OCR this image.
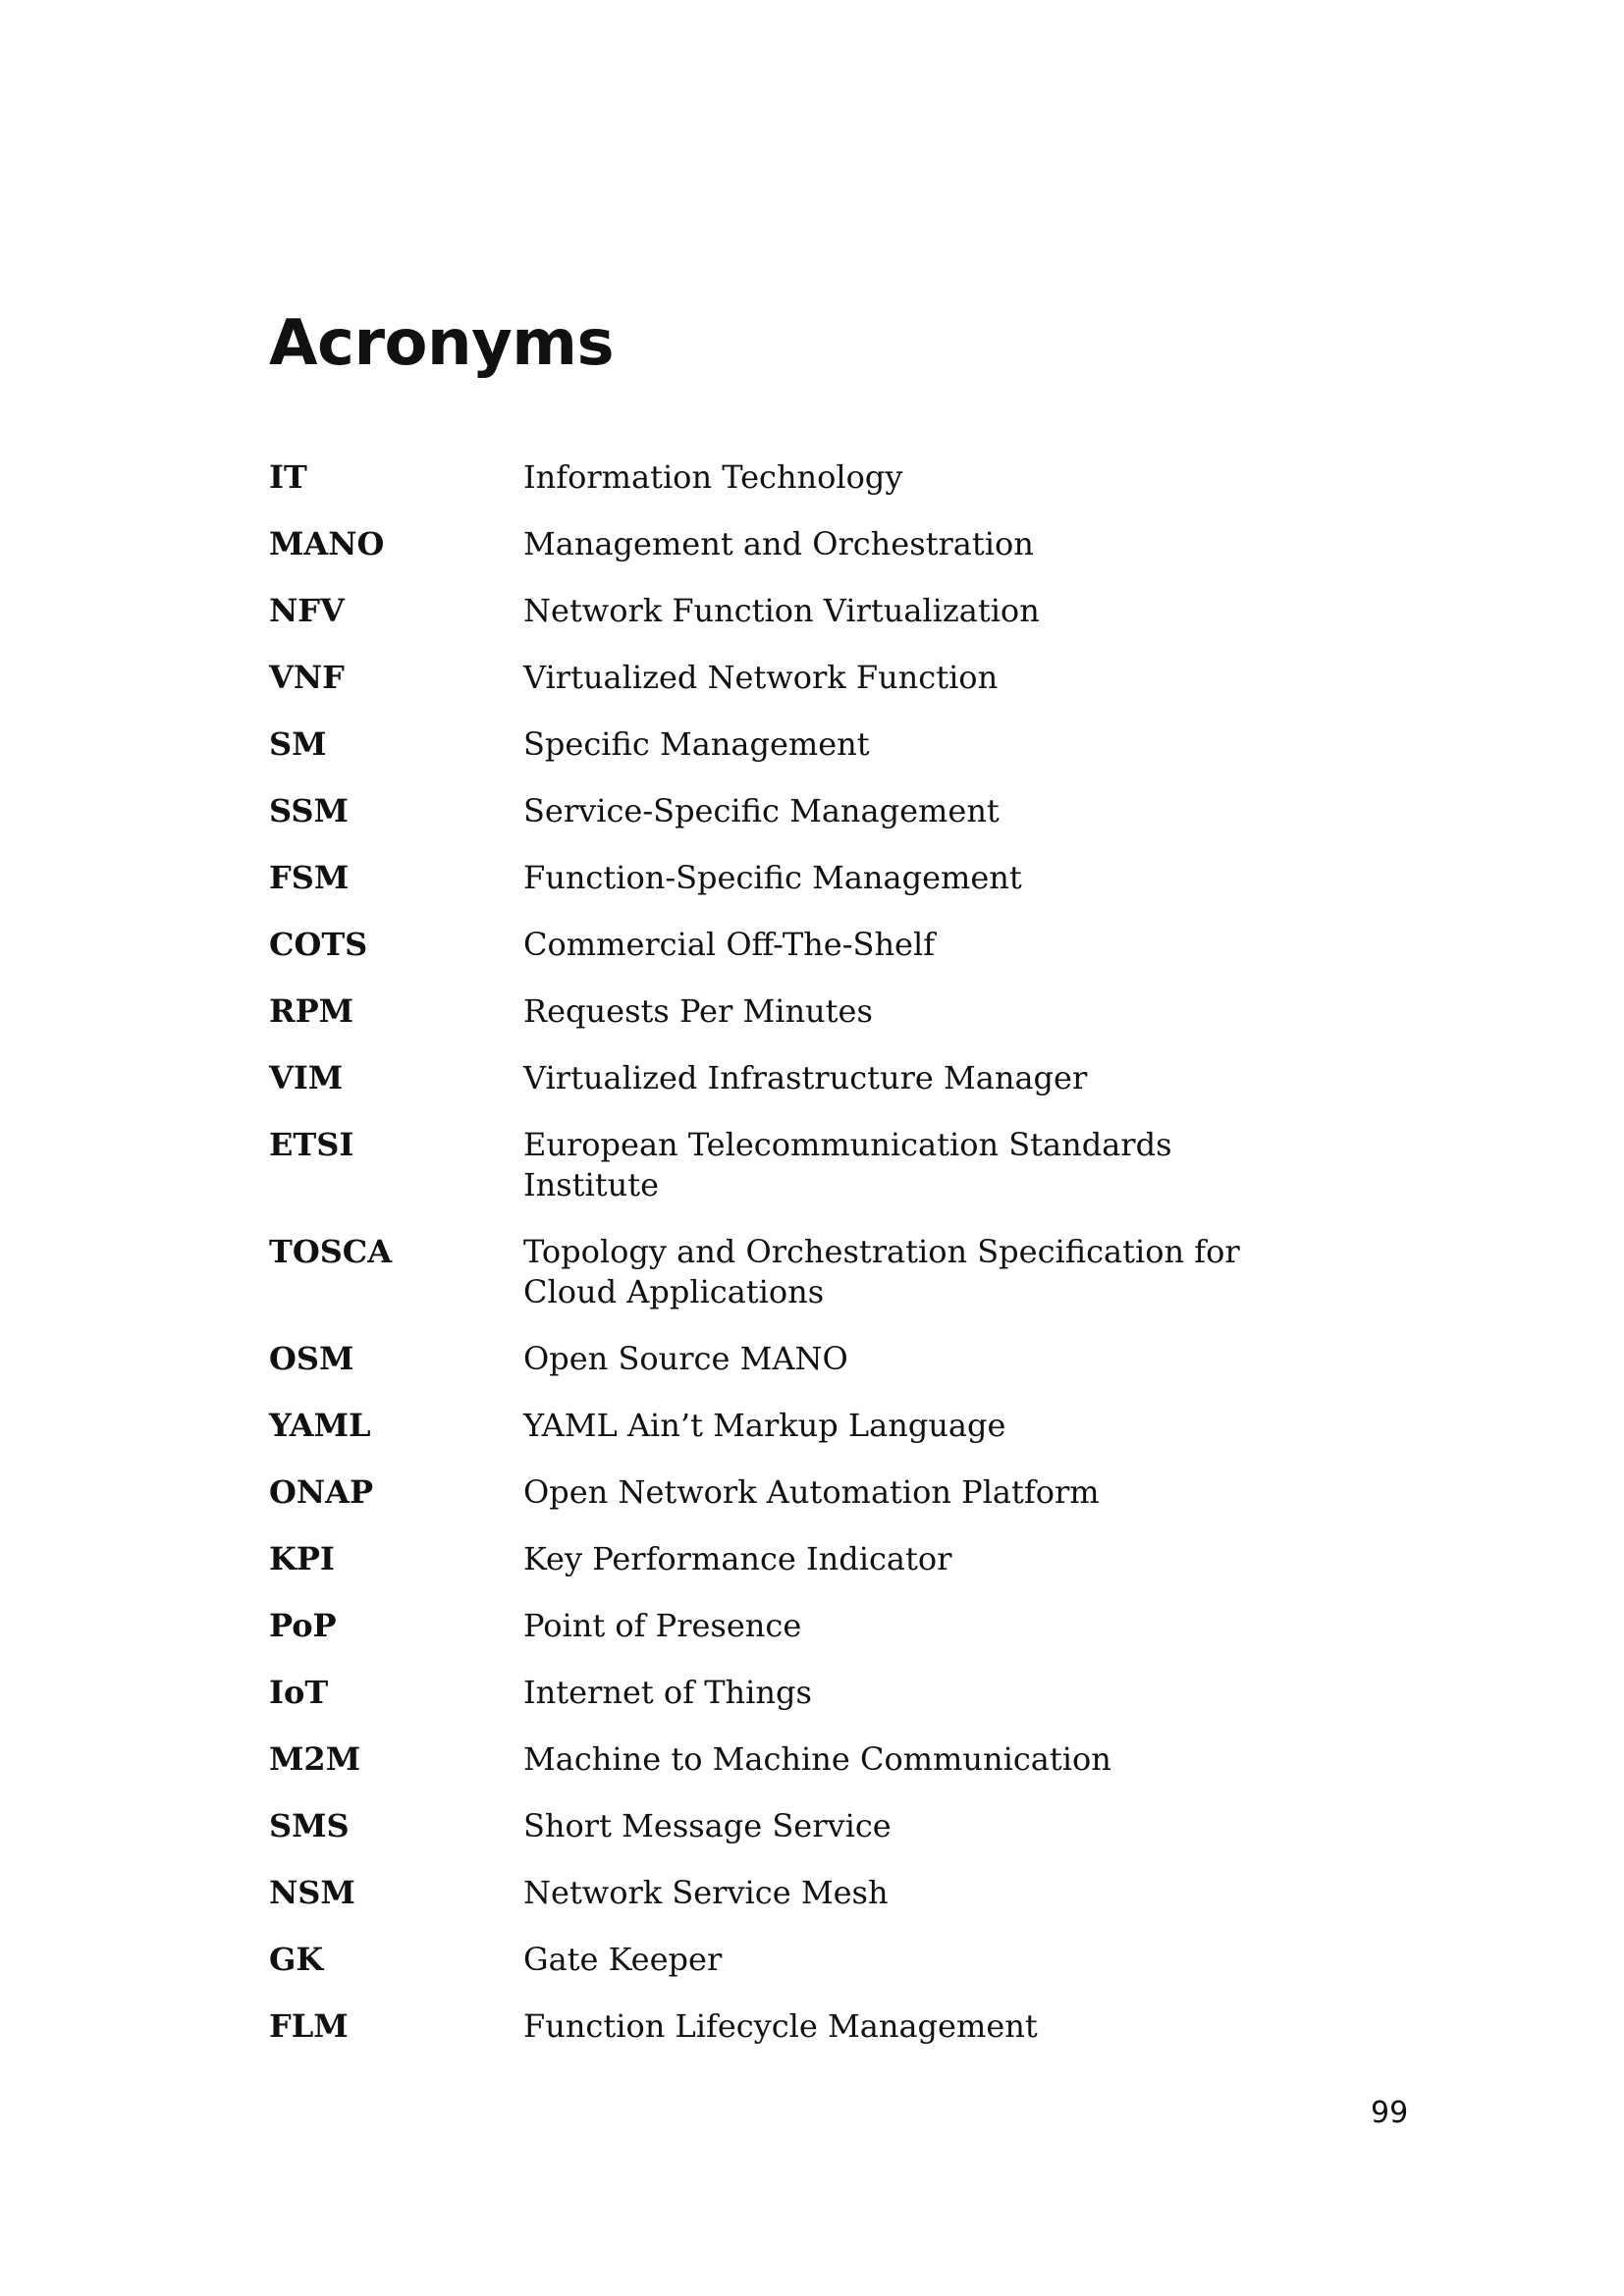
Acronyms
IT	Information Technology
MANO	Management and Orchestration
NFV	Network Function Virtualization
VNF	Virtualized Network Function
SM	Specific Management
SSM	Service-Specific Management
FSM	Function-Specific Management
COTS	Commercial Off-The-Shelf
RPM	Requests Per Minutes
VIM	Virtualized Infrastructure Manager
ETSI	European Telecommunication Standards Institute
TOSCA	Topology and Orchestration Specification for Cloud Applications
OSM	Open Source MANO
YAML	YAML Ain’t Markup Language
ONAP	Open Network Automation Platform
KPI	Key Performance Indicator
PoP	Point of Presence
IoT	Internet of Things
M2M	Machine to Machine Communication
SMS	Short Message Service
NSM	Network Service Mesh
GK	Gate Keeper
FLM	Function Lifecycle Management
99
